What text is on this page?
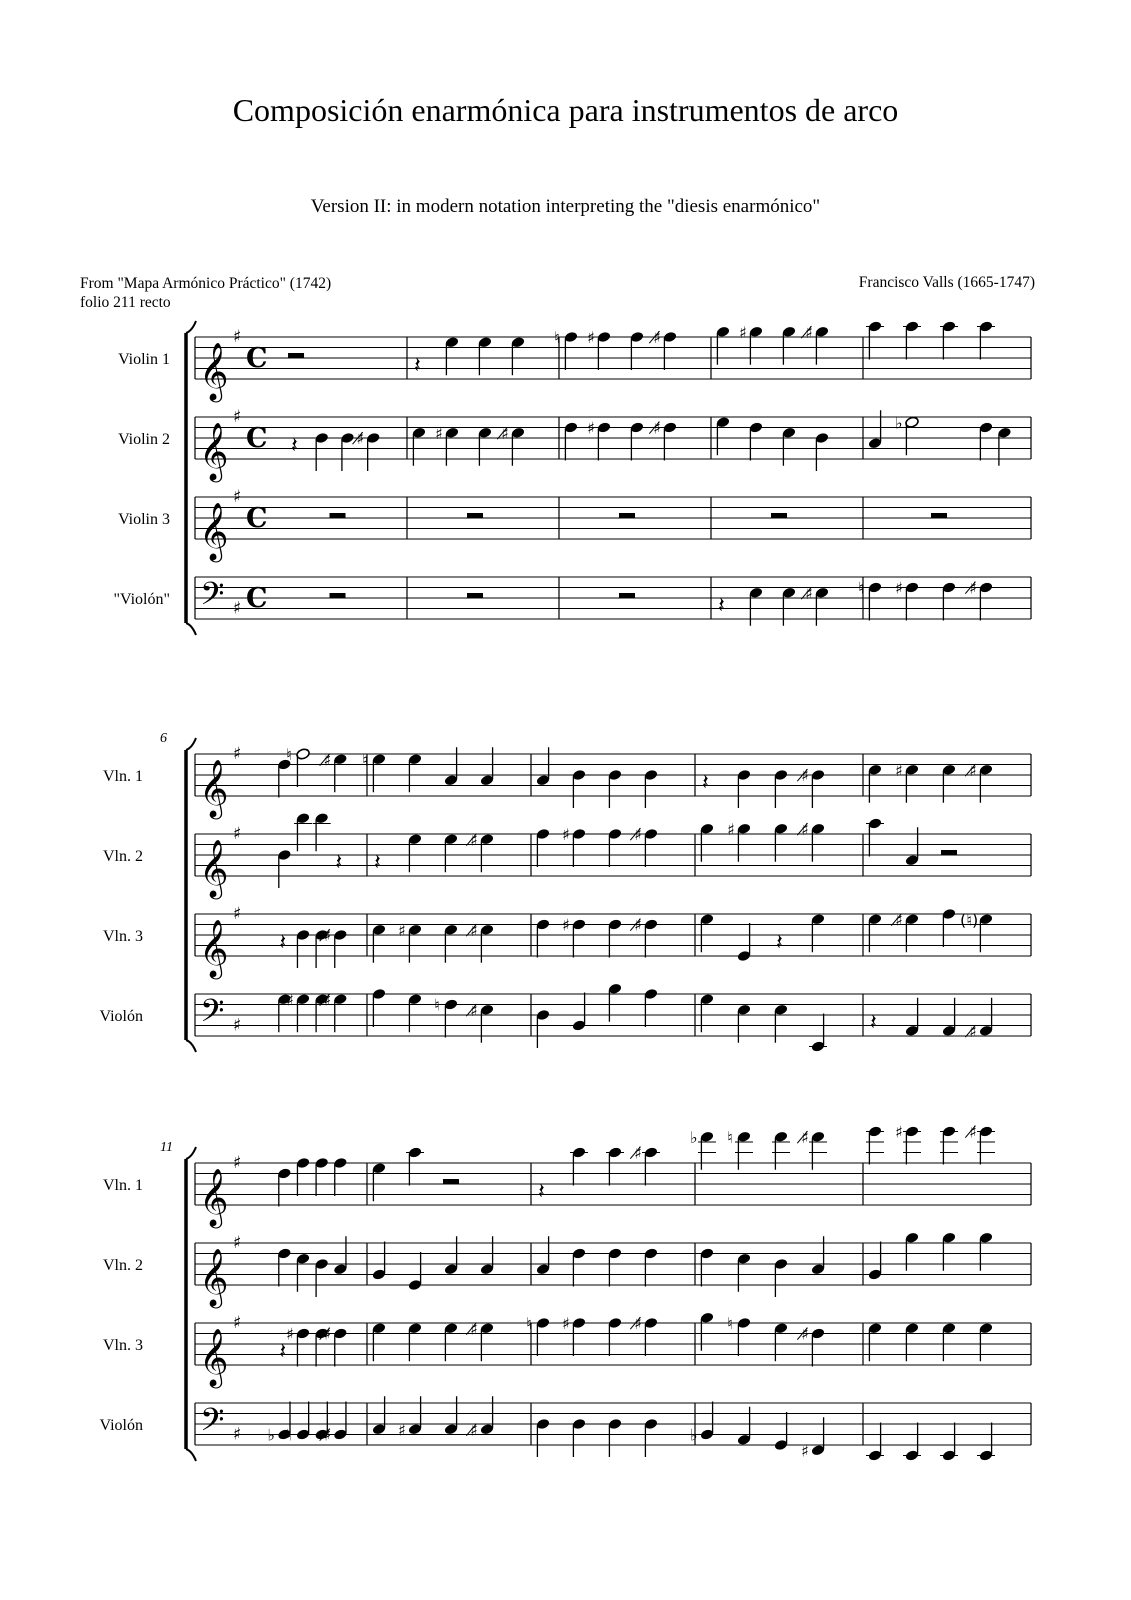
Composición enarmónica para instrumentos de arco
Version II: in modern notation interpreting the "diesis enarmónico"
From "Mapa Armónico Práctico" (1742)
folio 211 recto
Francisco Valls (1665-1747)
Violin 1 𝄞
♯
C	𝄽
♮ ♯	♯̸	♯	♯̸
Violin 2 𝄞
♯
C 𝄽	♯̸	♯	♯̸	♯	♯̸	♭
Violin 3 𝄞
♯
C
"Violón" 𝄢 ♯ C	𝄽
♯̸	♮ ♯	♯̸
6
Vln. 1 𝄞
♯	♮ ♯̸ ♮
𝄽	♯̸	♯	♯̸
Vln. 2 𝄞
♯
𝄽 𝄽
♯̸	♯	♯̸	♯	♯̸
Vln. 3 𝄞
♯
𝄽 ♯̸	♯	♯̸	♯	♯̸
𝄽
♯̸	(♮)
Violón 𝄢 ♯
♯ ♯̸	♮ ♯̸
𝄽	♯̸
11
Vln. 1 𝄞
♯
𝄽
♯̸
♭ ♮	♯̸	♯	♯̸
Vln. 2 𝄞
♯
Vln. 3 𝄞
♯
𝄽
♯ ♯̸	♯̸	♮ ♯	♯̸	♮
♯̸
Violón 𝄢 ♯ ♭ ♮ ♯̸	♯	♯̸	♭
♯
